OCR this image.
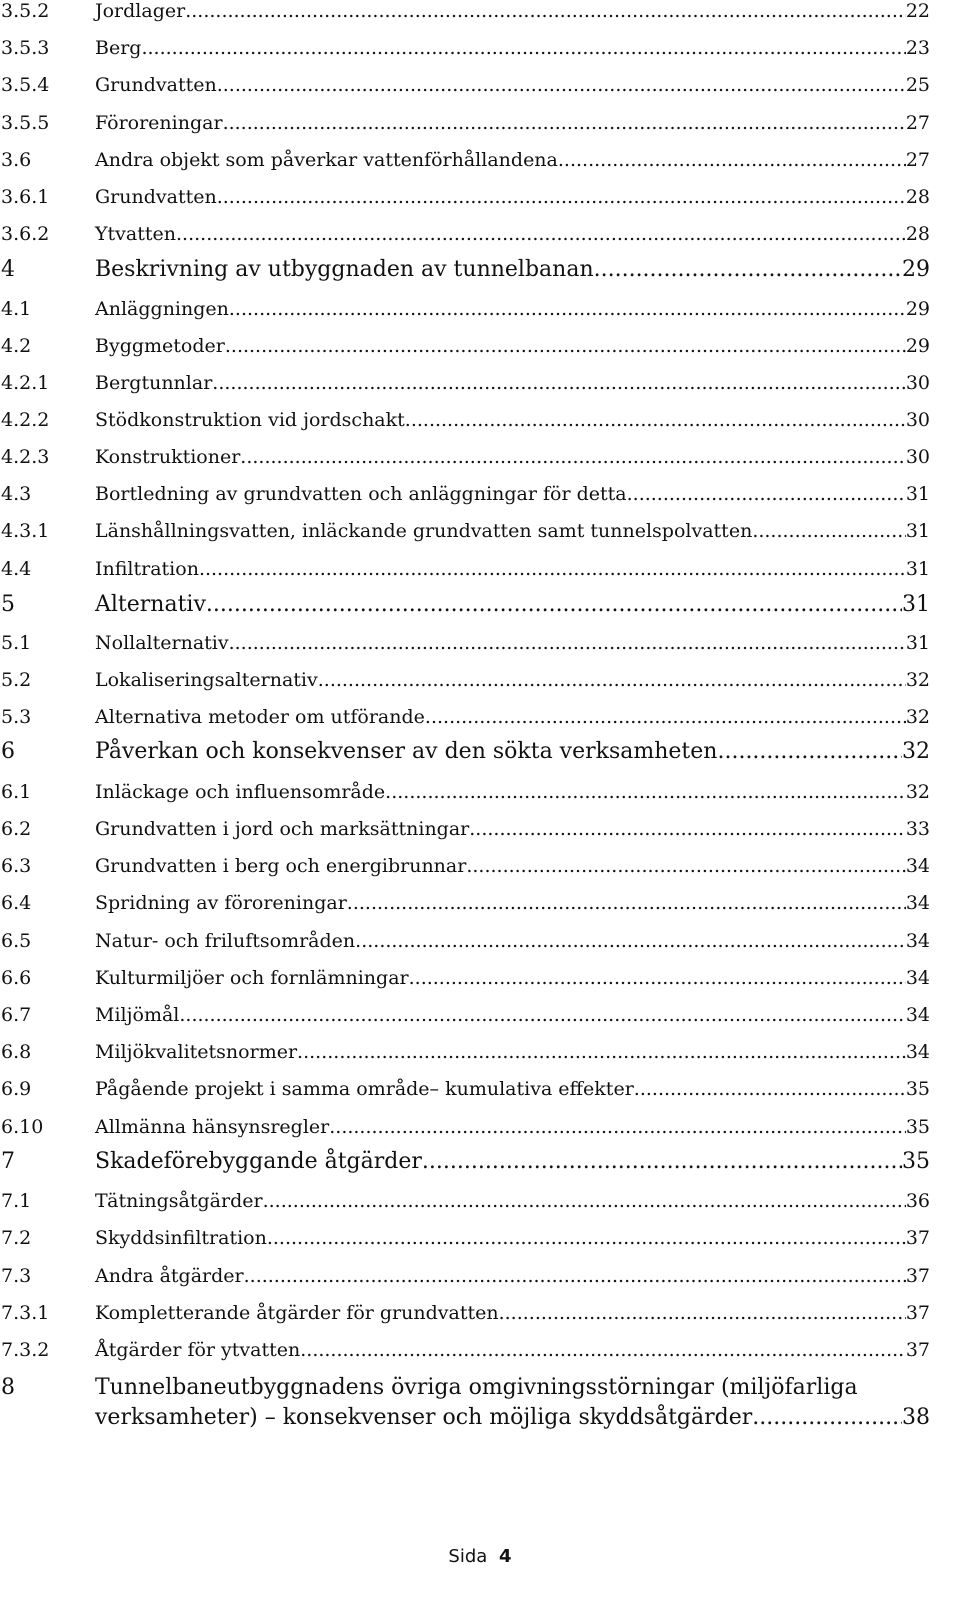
3.5.2 Jordlager .....	22
3.5.3 Berg .....	23
3.5.4 Grundvatten .....	25
3.5.5 Föroreningar .....	27
3.6	Andra objekt som påverkar vattenförhållandena .....	27
3.6.1 Grundvatten .....	28
3.6.2 Ytvatten .....	28
4	Beskrivning av utbyggnaden av tunnelbanan .....	29
4.1	Anläggningen .....	29
4.2	Byggmetoder .....	29
4.2.1 Bergtunnlar .....	30
4.2.2 Stödkonstruktion vid jordschakt .....	30
4.2.3 Konstruktioner .....	30
4.3	Bortledning av grundvatten och anläggningar för detta .....	31
4.3.1 Länshållningsvatten, inläckande grundvatten samt tunnelspolvatten .....	31
4.4	Infiltration .....	31
5	Alternativ .....	31
5.1	Nollalternativ .....	31
5.2	Lokaliseringsalternativ .....	32
5.3	Alternativa metoder om utförande .....	32
6	Påverkan och konsekvenser av den sökta verksamheten .....	32
6.1	Inläckage och influensområde .....	32
6.2	Grundvatten i jord och marksättningar .....	33
6.3	Grundvatten i berg och energibrunnar .....	34
6.4	Spridning av föroreningar .....	34
6.5	Natur- och friluftsområden .....	34
6.6	Kulturmiljöer och fornlämningar .....	34
6.7	Miljömål .....	34
6.8	Miljökvalitetsnormer .....	34
6.9	Pågående projekt i samma område– kumulativa effekter .....	35
6.10	Allmänna hänsynsregler .....	35
7	Skadeförebyggande åtgärder .....	35
7.1	Tätningsåtgärder .....	36
7.2	Skyddsinfiltration .....	37
7.3	Andra åtgärder .....	37
7.3.1 Kompletterande åtgärder för grundvatten .....	37
7.3.2 Åtgärder för ytvatten .....	37
8	Tunnelbaneutbyggnadens övriga omgivningsstörningar (miljöfarliga
verksamheter) – konsekvenser och möjliga skyddsåtgärder .....	38
Sida 4
